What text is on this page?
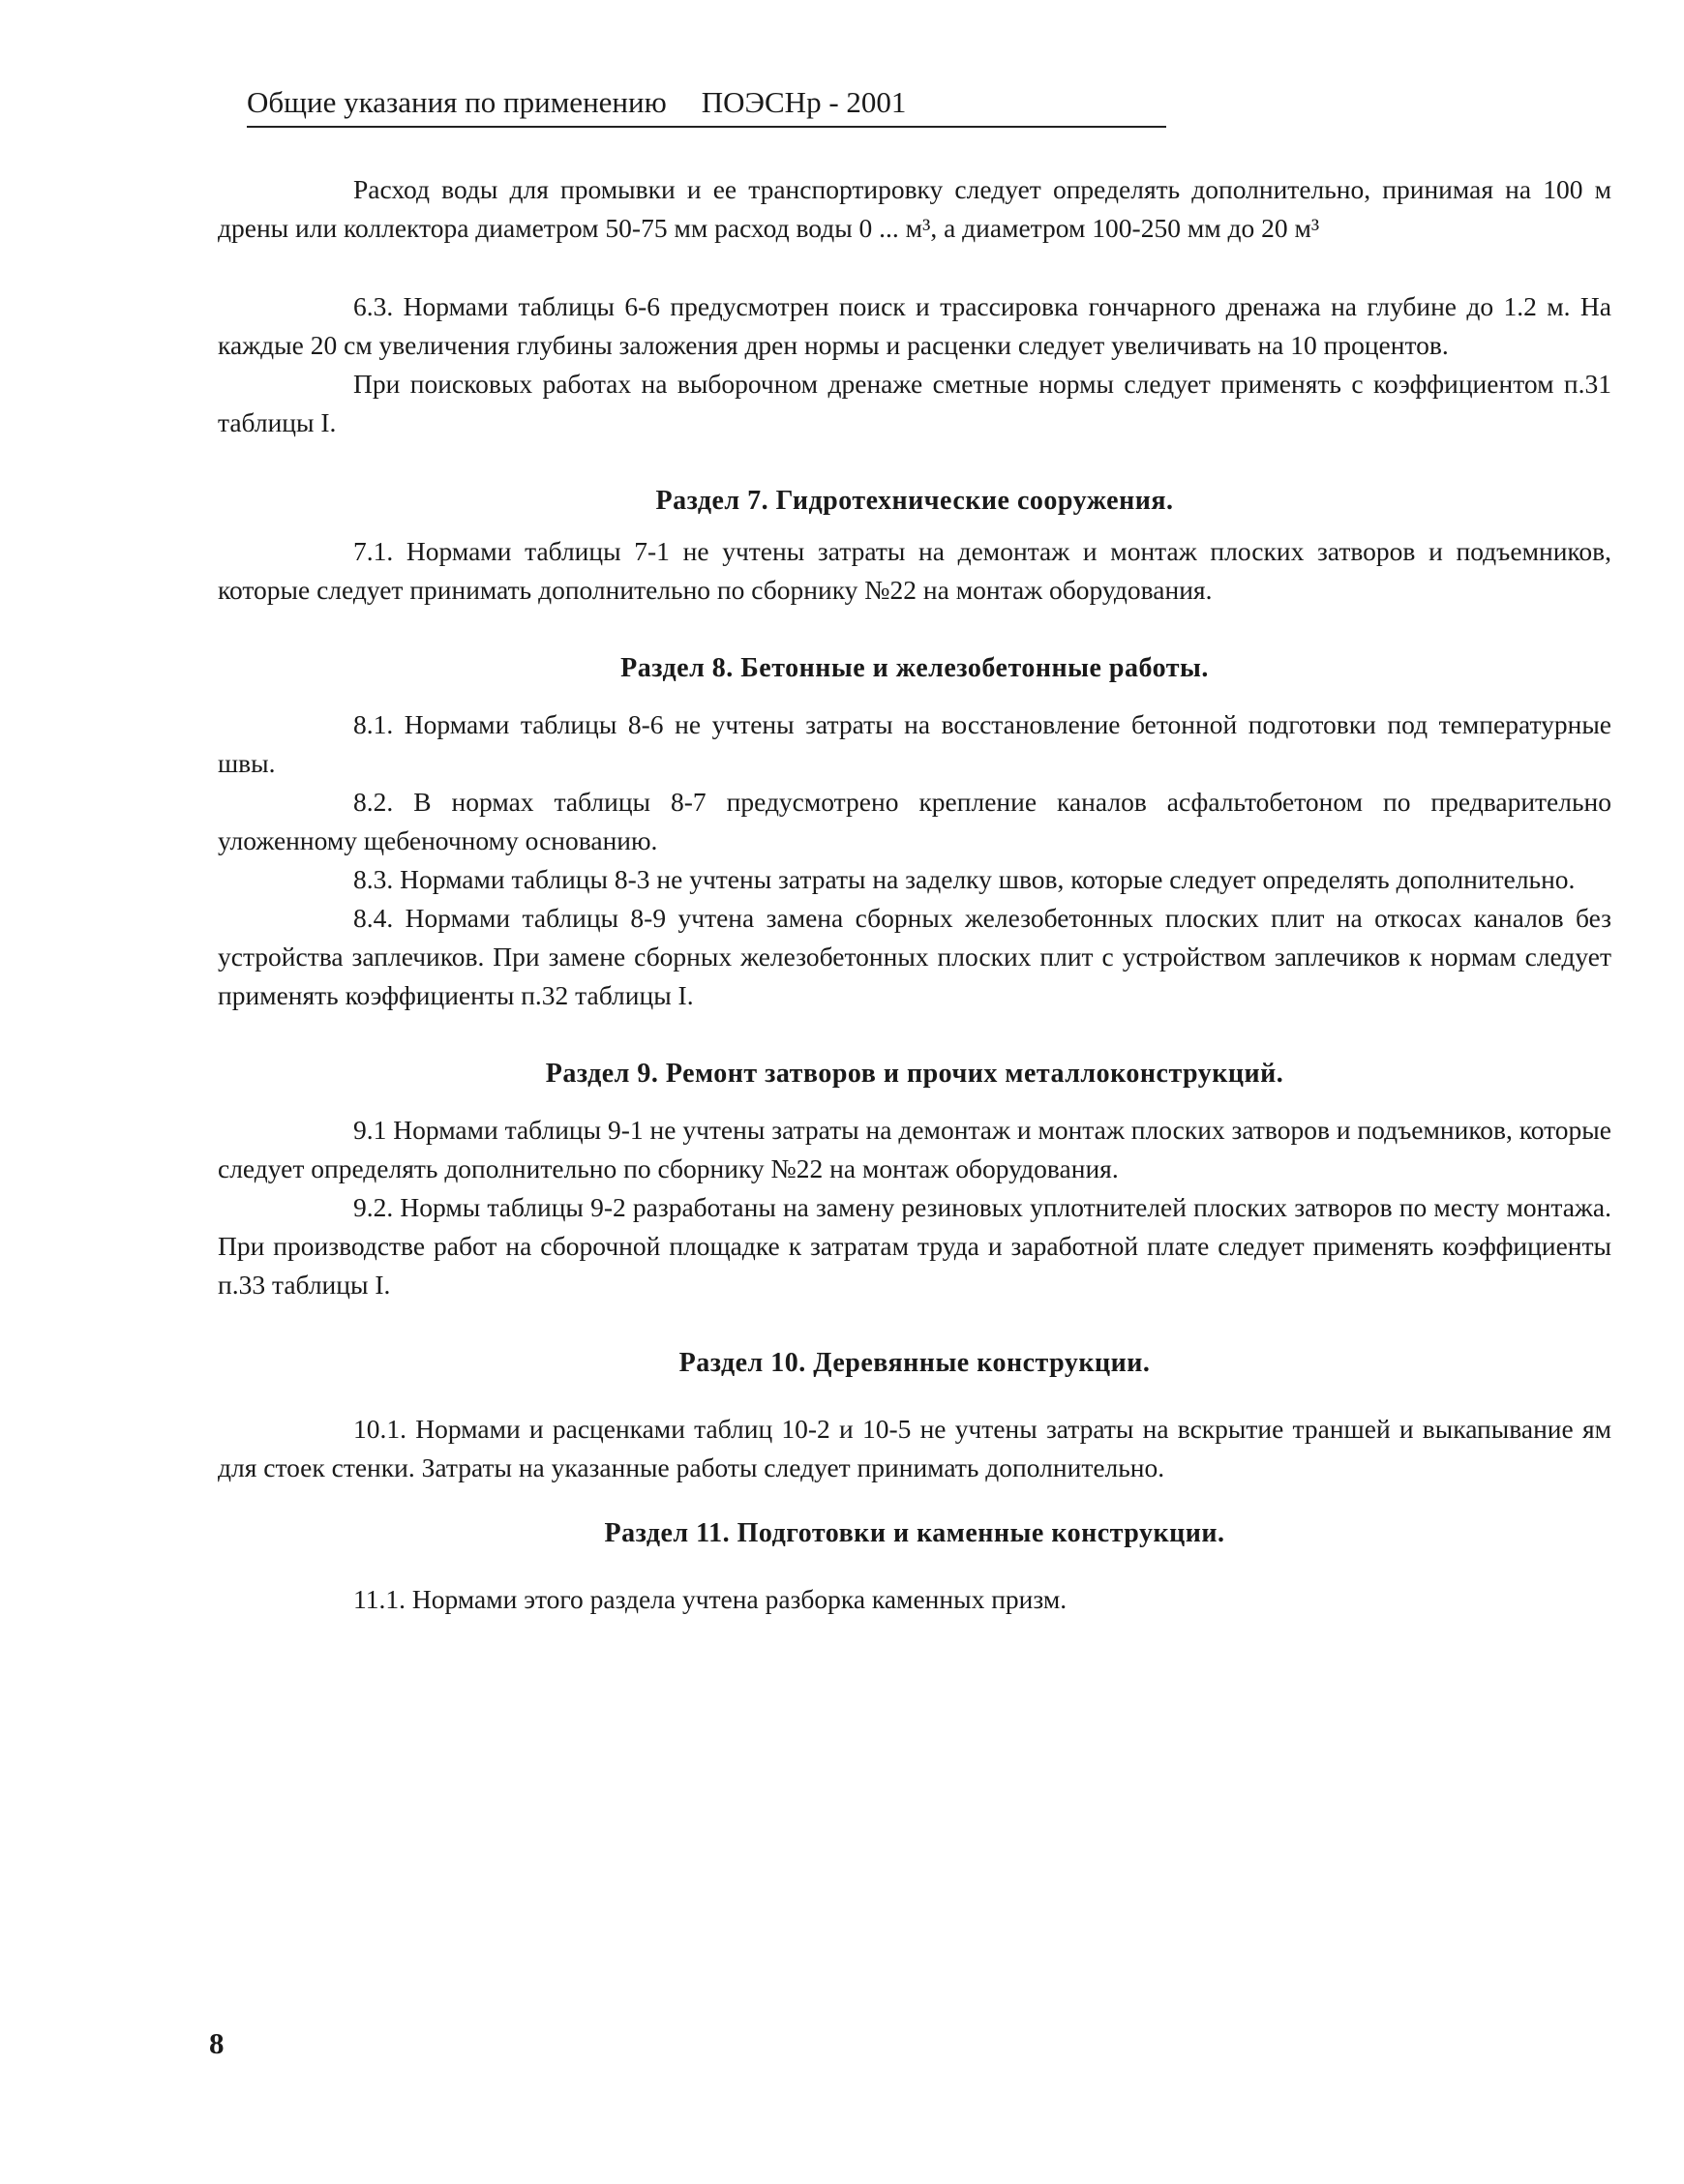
Общие указания по применению ПОЭСНр - 2001

Расход воды для промывки и ее транспортировку следует определять дополнительно, принимая на 100 м дрены или коллектора диаметром 50-75 мм расход воды 0 ... м³, а диаметром 100-250 мм до 20 м³

6.3. Нормами таблицы 6-6 предусмотрен поиск и трассировка гончарного дренажа на глубине до 1.2 м. На каждые 20 см увеличения глубины заложения дрен нормы и расценки следует увеличивать на 10 процентов.

При поисковых работах на выборочном дренаже сметные нормы следует применять с коэффициентом п.31 таблицы I.

Раздел 7. Гидротехнические сооружения.

7.1. Нормами таблицы 7-1 не учтены затраты на демонтаж и монтаж плоских затворов и подъемников, которые следует принимать дополнительно по сборнику №22 на монтаж оборудования.

Раздел 8. Бетонные и железобетонные работы.

8.1. Нормами таблицы 8-6 не учтены затраты на восстановление бетонной подготовки под температурные швы.

8.2. В нормах таблицы 8-7 предусмотрено крепление каналов асфальтобетоном по предварительно уложенному щебеночному основанию.

8.3. Нормами таблицы 8-3 не учтены затраты на заделку швов, которые следует определять дополнительно.

8.4. Нормами таблицы 8-9 учтена замена сборных железобетонных плоских плит на откосах каналов без устройства заплечиков. При замене сборных железобетонных плоских плит с устройством заплечиков к нормам следует применять коэффициенты п.32 таблицы I.

Раздел 9. Ремонт затворов и прочих металлоконструкций.

9.1 Нормами таблицы 9-1 не учтены затраты на демонтаж и монтаж плоских затворов и подъемников, которые следует определять дополнительно по сборнику №22 на монтаж оборудования.

9.2. Нормы таблицы 9-2 разработаны на замену резиновых уплотнителей плоских затворов по месту монтажа. При производстве работ на сборочной площадке к затратам труда и заработной плате следует применять коэффициенты п.33 таблицы I.

Раздел 10. Деревянные конструкции.

10.1. Нормами и расценками таблиц 10-2 и 10-5 не учтены затраты на вскрытие траншей и выкапывание ям для стоек стенки. Затраты на указанные работы следует принимать дополнительно.

Раздел 11. Подготовки и каменные конструкции.

11.1. Нормами этого раздела учтена разборка каменных призм.

8
